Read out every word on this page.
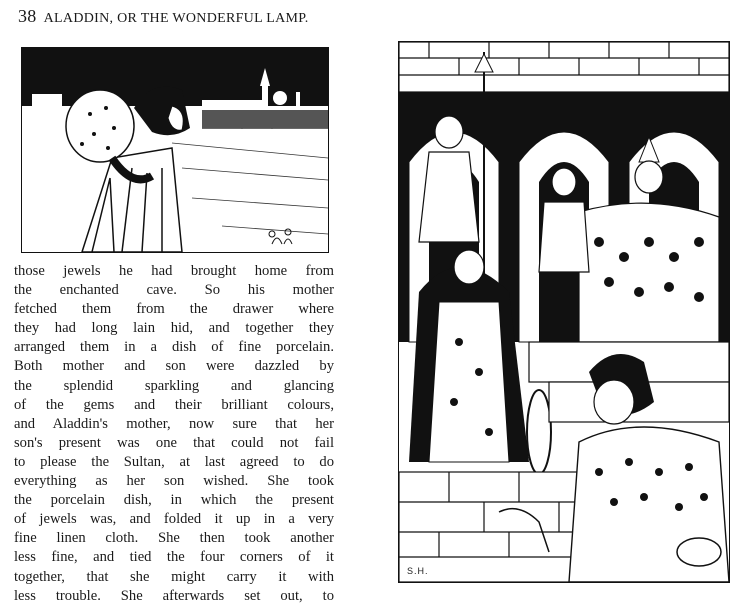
38 ALADDIN, OR THE WONDERFUL LAMP.
those jewels he had brought home from
the enchanted cave. So his mother
fetched them from the drawer where
they had long lain hid, and together they
arranged them in a dish of fine porcelain.
Both mother and son were dazzled by
the splendid sparkling and glancing
of the gems and their brilliant colours,
and Aladdin's mother, now sure that her
son's present was one that could not fail
to please the Sultan, at last agreed to do
everything as her son wished. She took
the porcelain dish, in which the present
of jewels was, and folded it up in a very
fine linen cloth. She then took another
less fine, and tied the four corners of it
together, that she might carry it with
less trouble. She afterwards set out, to
S.H.
